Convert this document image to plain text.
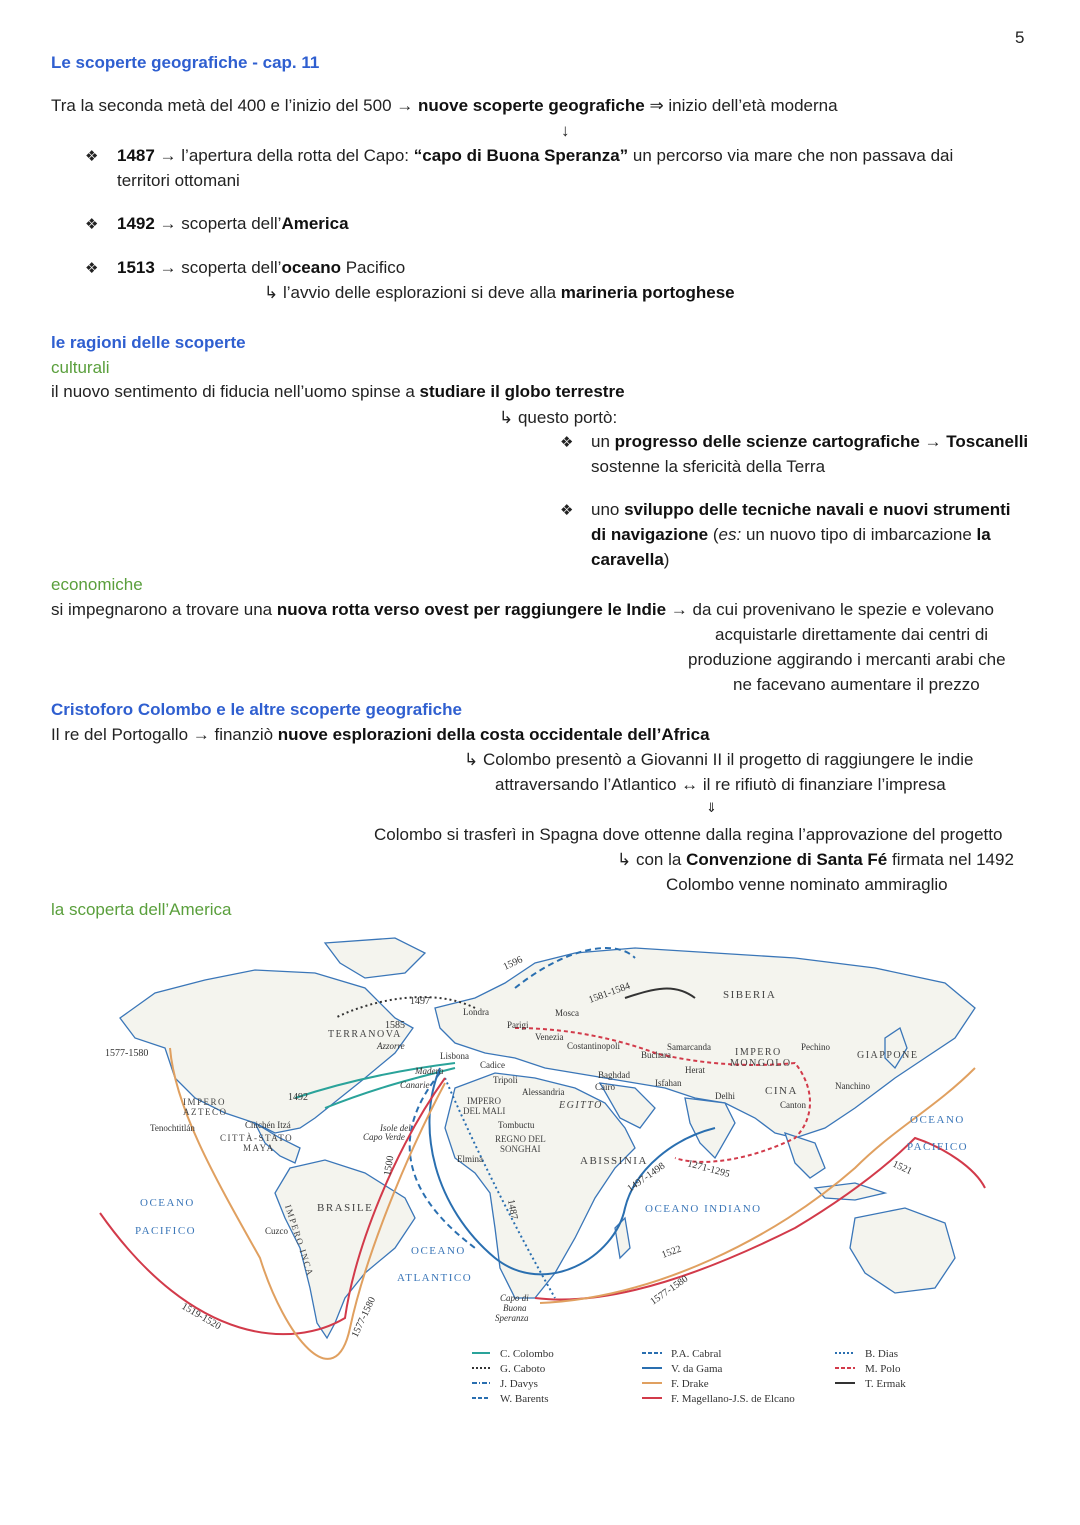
5
Le scoperte geografiche - cap. 11
Tra la seconda metà del 400 e l’inizio del 500 → nuove scoperte geografiche ⇒ inizio dell’età moderna
↓
❖ 1487 → l’apertura della rotta del Capo: “capo di Buona Speranza” un percorso via mare che non passava dai
territori ottomani
❖ 1492 → scoperta dell’America
❖ 1513 → scoperta dell’oceano Pacifico
↳ l’avvio delle esplorazioni si deve alla marineria portoghese
le ragioni delle scoperte
culturali
il nuovo sentimento di fiducia nell’uomo spinse a studiare il globo terrestre
↳ questo portò:
❖ un progresso delle scienze cartografiche → Toscanelli
sostenne la sfericità della Terra
❖ uno sviluppo delle tecniche navali e nuovi strumenti
di navigazione (es: un nuovo tipo di imbarcazione la
caravella)
economiche
si impegnarono a trovare una nuova rotta verso ovest per raggiungere le Indie → da cui provenivano le spezie e volevano
acquistarle direttamente dai centri di
produzione aggirando i mercanti arabi che
ne facevano aumentare il prezzo
Cristoforo Colombo e le altre scoperte geografiche
Il re del Portogallo → finanziò nuove esplorazioni della costa occidentale dell’Africa
↳ Colombo presentò a Giovanni II il progetto di raggiungere le indie
attraversando l’Atlantico ↔ il re rifiutò di finanziare l’impresa
⇓
Colombo si trasferì in Spagna dove ottenne dalla regina l’approvazione del progetto
↳ con la Convenzione di Santa Fé firmata nel 1492
Colombo venne nominato ammiraglio
la scoperta dell’America
SIBERIA
IMPERO
MONGOLO
CINA
GIAPPONE
OCEANO
PACIFICO
OCEANO
PACIFICO
OCEANO
ATLANTICO
OCEANO INDIANO
BRASILE
IMPERO INCA
IMPERO
AZTECO
CITTÀ-STATO
MAYA
IMPERO
DEL MALI
REGNO DEL
SONGHAI
ABISSINIA
EGITTO
TERRANOVA
Azzorre
Madera
Canarie
Isole del
Capo Verde
Capo di
Buona
Speranza
Londra
Parigi
Mosca
Venezia
Lisbona
Cadice
Costantinopoli
Tripoli
Alessandria	Cairo
Baghdad
Isfahan
Samarcanda
Buchara
Herat
Delhi
Pechino
Nanchino
Canton
Tombuctu
Elmina
Tenochtitlán	Chichén Itzá
Cuzco
1596
1581-1584
1497
1585
1577-1580
1492
1500
1487
1497-1498 1271-1295	1521
1522
1577-1580
1577-1580
1519-1520
C. Colombo
G. Caboto
J. Davys
W. Barents
P.A. Cabral
V. da Gama
F. Drake
F. Magellano-J.S. de Elcano
B. Dias
M. Polo
T. Ermak
